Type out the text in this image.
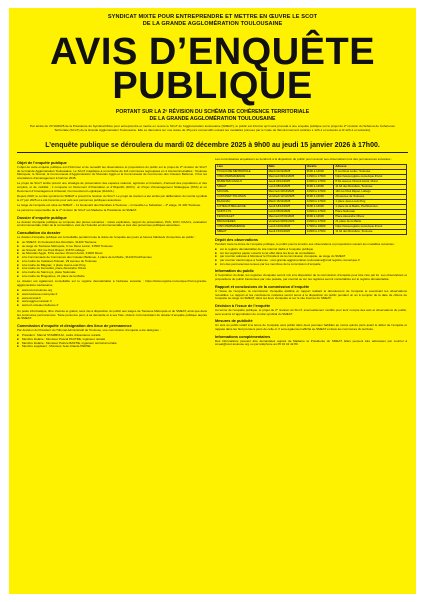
SYNDICAT MIXTE POUR ENTREPRENDRE ET METTRE EN ŒUVRE LE SCOT
DE LA GRANDE AGGLOMÉRATION TOULOUSAINE
AVIS D’ENQUÊTE
PUBLIQUE
PORTANT SUR LA 2ᵉ RÉVISION DU SCHÉMA DE COHÉRENCE TERRITORIALE
DE LA GRANDE AGGLOMÉRATION TOULOUSAINE
Par arrêté du 27/10/2025 de la Présidente du Syndicat Mixte pour entreprendre et mettre en œuvre le SCoT de l’agglomération toulousaine (SMEAT), le public est informé qu’il sera procédé à une enquête publique sur le projet de 2ᵉ révision du Schéma de Cohérence Territoriale (SCoT) de la Grande Agglomération Toulousaine. Elle se déroulera sur une durée de 45 jours consécutifs suivant les modalités prévues par le Code de l’Environnement (articles L.123-1 et suivants et R.123-1 et suivants).
L’enquête publique se déroulera du mardi 02 décembre 2025 à 9h00 au jeudi 15 janvier 2026 à 17h00.
Objet de l’enquête publique

L’objet de cette enquête publique est d’informer et de recueillir les observations et propositions du public sur le projet de 2ᵉ révision du SCoT de la Grande Agglomération Toulousaine. Le SCoT s’applique à un territoire de 114 communes regroupées en 4 intercommunalités : Toulouse Métropole, le Sicoval, la Communauté d’Agglomération du Muretain Agglo et la Communauté de Communes des Coteaux Bellevue. Il fixe les orientations d’aménagement à horizon 2045.

Le projet de SCoT arrêté prévoit une stratégie de préservation des espaces naturels, agricoles et forestiers, d’accueil des populations et des emplois, et de mobilité ; il comporte un Document d’Orientation et d’Objectifs (DOO), un Projet d’Aménagement Stratégique (PAS) et un Document d’Aménagement Artisanal, Commercial et Logistique (DAACL).

Depuis 2018, le comité syndical du SMEAT a prescrit la révision du SCoT. Le projet de révision a été arrêté par délibération du comité syndical le 27 juin 2025 et a été transmis pour avis aux personnes publiques associées.

Le siège de l’enquête est situé au SMEAT – 11 boulevard des Récollets à Toulouse – Immeuble Le Sebastien – 4ᵉ étage, 31 400 Toulouse.

La personne responsable de la 2ᵉ révision du SCoT est Madame la Présidente du SMEAT.

Dossier d’enquête publique

Le dossier d’enquête publique se compose des pièces suivantes : notice explicative, rapport de présentation, PAS, DOO, DAACL, évaluation environnementale, bilan de la concertation, avis de l’Autorité environnementale et avis des personnes publiques associées.

Consultation du dossier

Le dossier d’enquête publique est consultable pendant toute la durée de l’enquête aux jours et heures habituels d’ouverture au public :

■ au SMEAT, 11 boulevard des Récollets, 31400 Toulouse
■ au siège de Toulouse Métropole, 6 rue René Leduc, 31500 Toulouse
■ au Sicoval, 110 rue Paul Riquet, 31670 Labège
■ au Muretain Agglo, 8 bis avenue Vincent Auriol, 31600 Muret
■ à la Communauté de Communes des Coteaux Bellevue, 1 place de la Mairie, 31140 Pechbonnieu
■ à la mairie de Castanet-Tolosan, 29 avenue de Toulouse
■ à la mairie de Blagnac, 1 place Jean-Louis Puig
■ à la mairie de Fenouillet, place Alexandre Olives
■ à la mairie de Saint-Lys, place Nationale
■ à la mairie de Bruguières, 21 place de la Mairie

Le dossier est également consultable sur le registre dématérialisé à l’adresse suivante : https://www.registre-numerique.fr/scot-grande-agglomeration-toulousaine

■ www.scot-toulouse.org
■ www.toulouse-metropole.fr
■ www.sicoval.fr
■ www.agglo-muretain.fr
■ www.cc-coteaux-bellevue.fr

Un poste informatique, libre d’accès et gratuit, sera mis à disposition du public aux sièges de Toulouse Métropole et du SMEAT, ainsi que dans les communes permanences. Toute personne peut, à sa demande et à ses frais, obtenir communication du dossier d’enquête publique auprès du SMEAT.

Commission d’enquête et désignation des lieux de permanence

Par décision du Président du Tribunal Administratif de Toulouse, une commission d’enquête a été désignée :

■ Président : Marcel STAMBOULI, cadre d’assurance retraité
■ Membre titulaire : Monsieur Pascal PAUTRE, ingénieur retraité
■ Membre titulaire : Monsieur Patrice BASTIE, ingénieur territorial retraité
■ Membre suppléant : Monsieur Jean-Claude PERSE

Les commissaires enquêteurs se tiendront à la disposition du public pour recevoir ses observations lors des permanences suivantes :

Lieu	Date	Horaire	Adresse
TOULOUSE MÉTROPOLE	Mardi 02/12/2025	9h00 à 12h00	6 rue René Leduc, Toulouse
VISIO-PERMANENCE	Mercredi 03/12/2025	14h00 à 17h00	https://www.registre-numerique.fr/scot
MURETAIN AGGLO	Jeudi 04/12/2025	14h00 à 17h00	8 bis avenue Vincent Auriol, Muret
SMEAT	Lundi 08/12/2025	9h00 à 12h00	11 bd des Récollets, Toulouse
SICOVAL	Mercredi 10/12/2025	14h00 à 17h00	110 rue Paul Riquet, Labège
CASTANET-TOLOSAN	Vendredi 12/12/2025	9h00 à 12h00	29 avenue de Toulouse
BLAGNAC	Mardi 16/12/2025	14h00 à 17h00	1 place Jean-Louis Puig
COTEAUX BELLEVUE	Jeudi 18/12/2025	9h00 à 12h00	1 place de la Mairie, Pechbonnieu
SAINT-LYS	Lundi 05/01/2026	14h00 à 17h00	Place Nationale
FENOUILLET	Mercredi 07/01/2026	9h00 à 12h00	Place Alexandre Olives
BRUGUIÈRES	Vendredi 09/01/2026	14h00 à 17h00	21 place de la Mairie
VISIO-PERMANENCE	Lundi 12/01/2026	17h00 à 19h00	https://www.registre-numerique.fr/scot
SMEAT	Jeudi 15/01/2026	14h00 à 17h00	11 bd des Récollets, Toulouse
Dépôt des observations

Pendant toute la durée de l’enquête publique, le public pourra émettre ses observations et propositions suivant les modalités suivantes :

■ sur le registre dématérialisé du site internet dédié à l’enquête publique
■ sur les registres papier ouverts à cet effet dans les lieux de consultation
■ par courrier adressé à Monsieur le Président de la commission d’enquête, au siège du SMEAT
■ par courrier électronique à l’adresse : scot-grande-agglomeration-toulousaine@mail.registre-numerique.fr
■ lors des permanences tenues par les membres de la commission d’enquête
Information du public

À l’expiration du délai, les registres d’enquête seront mis à la disposition de la commission d’enquête pour être clos par lui. Les observations et propositions du public transmises par voie postale, par courriel ou sur les registres seront consultables sur le registre dématérialisé.

Rapport et conclusions de la commission d’enquête

À l’issue de l’enquête, la commission d’enquête établira un rapport relatant le déroulement de l’enquête et examinant les observations recueillies. Le rapport et les conclusions motivées seront tenus à la disposition du public pendant un an à compter de la date de clôture de l’enquête au siège du SMEAT, dans les lieux d’enquête et sur le site internet du SMEAT.

Décision à l’issue de l’enquête

Au terme de l’enquête publique, le projet de 2ᵉ révision du SCoT, éventuellement modifié pour tenir compte des avis et observations du public, sera soumis à l’approbation du comité syndical du SMEAT.

Mesures de publicité

Un avis au public relatif à la tenue de l’enquête sera publié dans deux journaux habilités au moins quinze jours avant le début de l’enquête et rappelé dans les huit premiers jours de celle-ci. Il sera également affiché au SMEAT et dans les communes du territoire.

Informations complémentaires

Des informations peuvent être demandées auprès de Madame la Présidente du SMEAT. Elles peuvent être adressées par courriel à smeat@scot-toulouse.org ou par téléphone au 05 34 42 42 80.
